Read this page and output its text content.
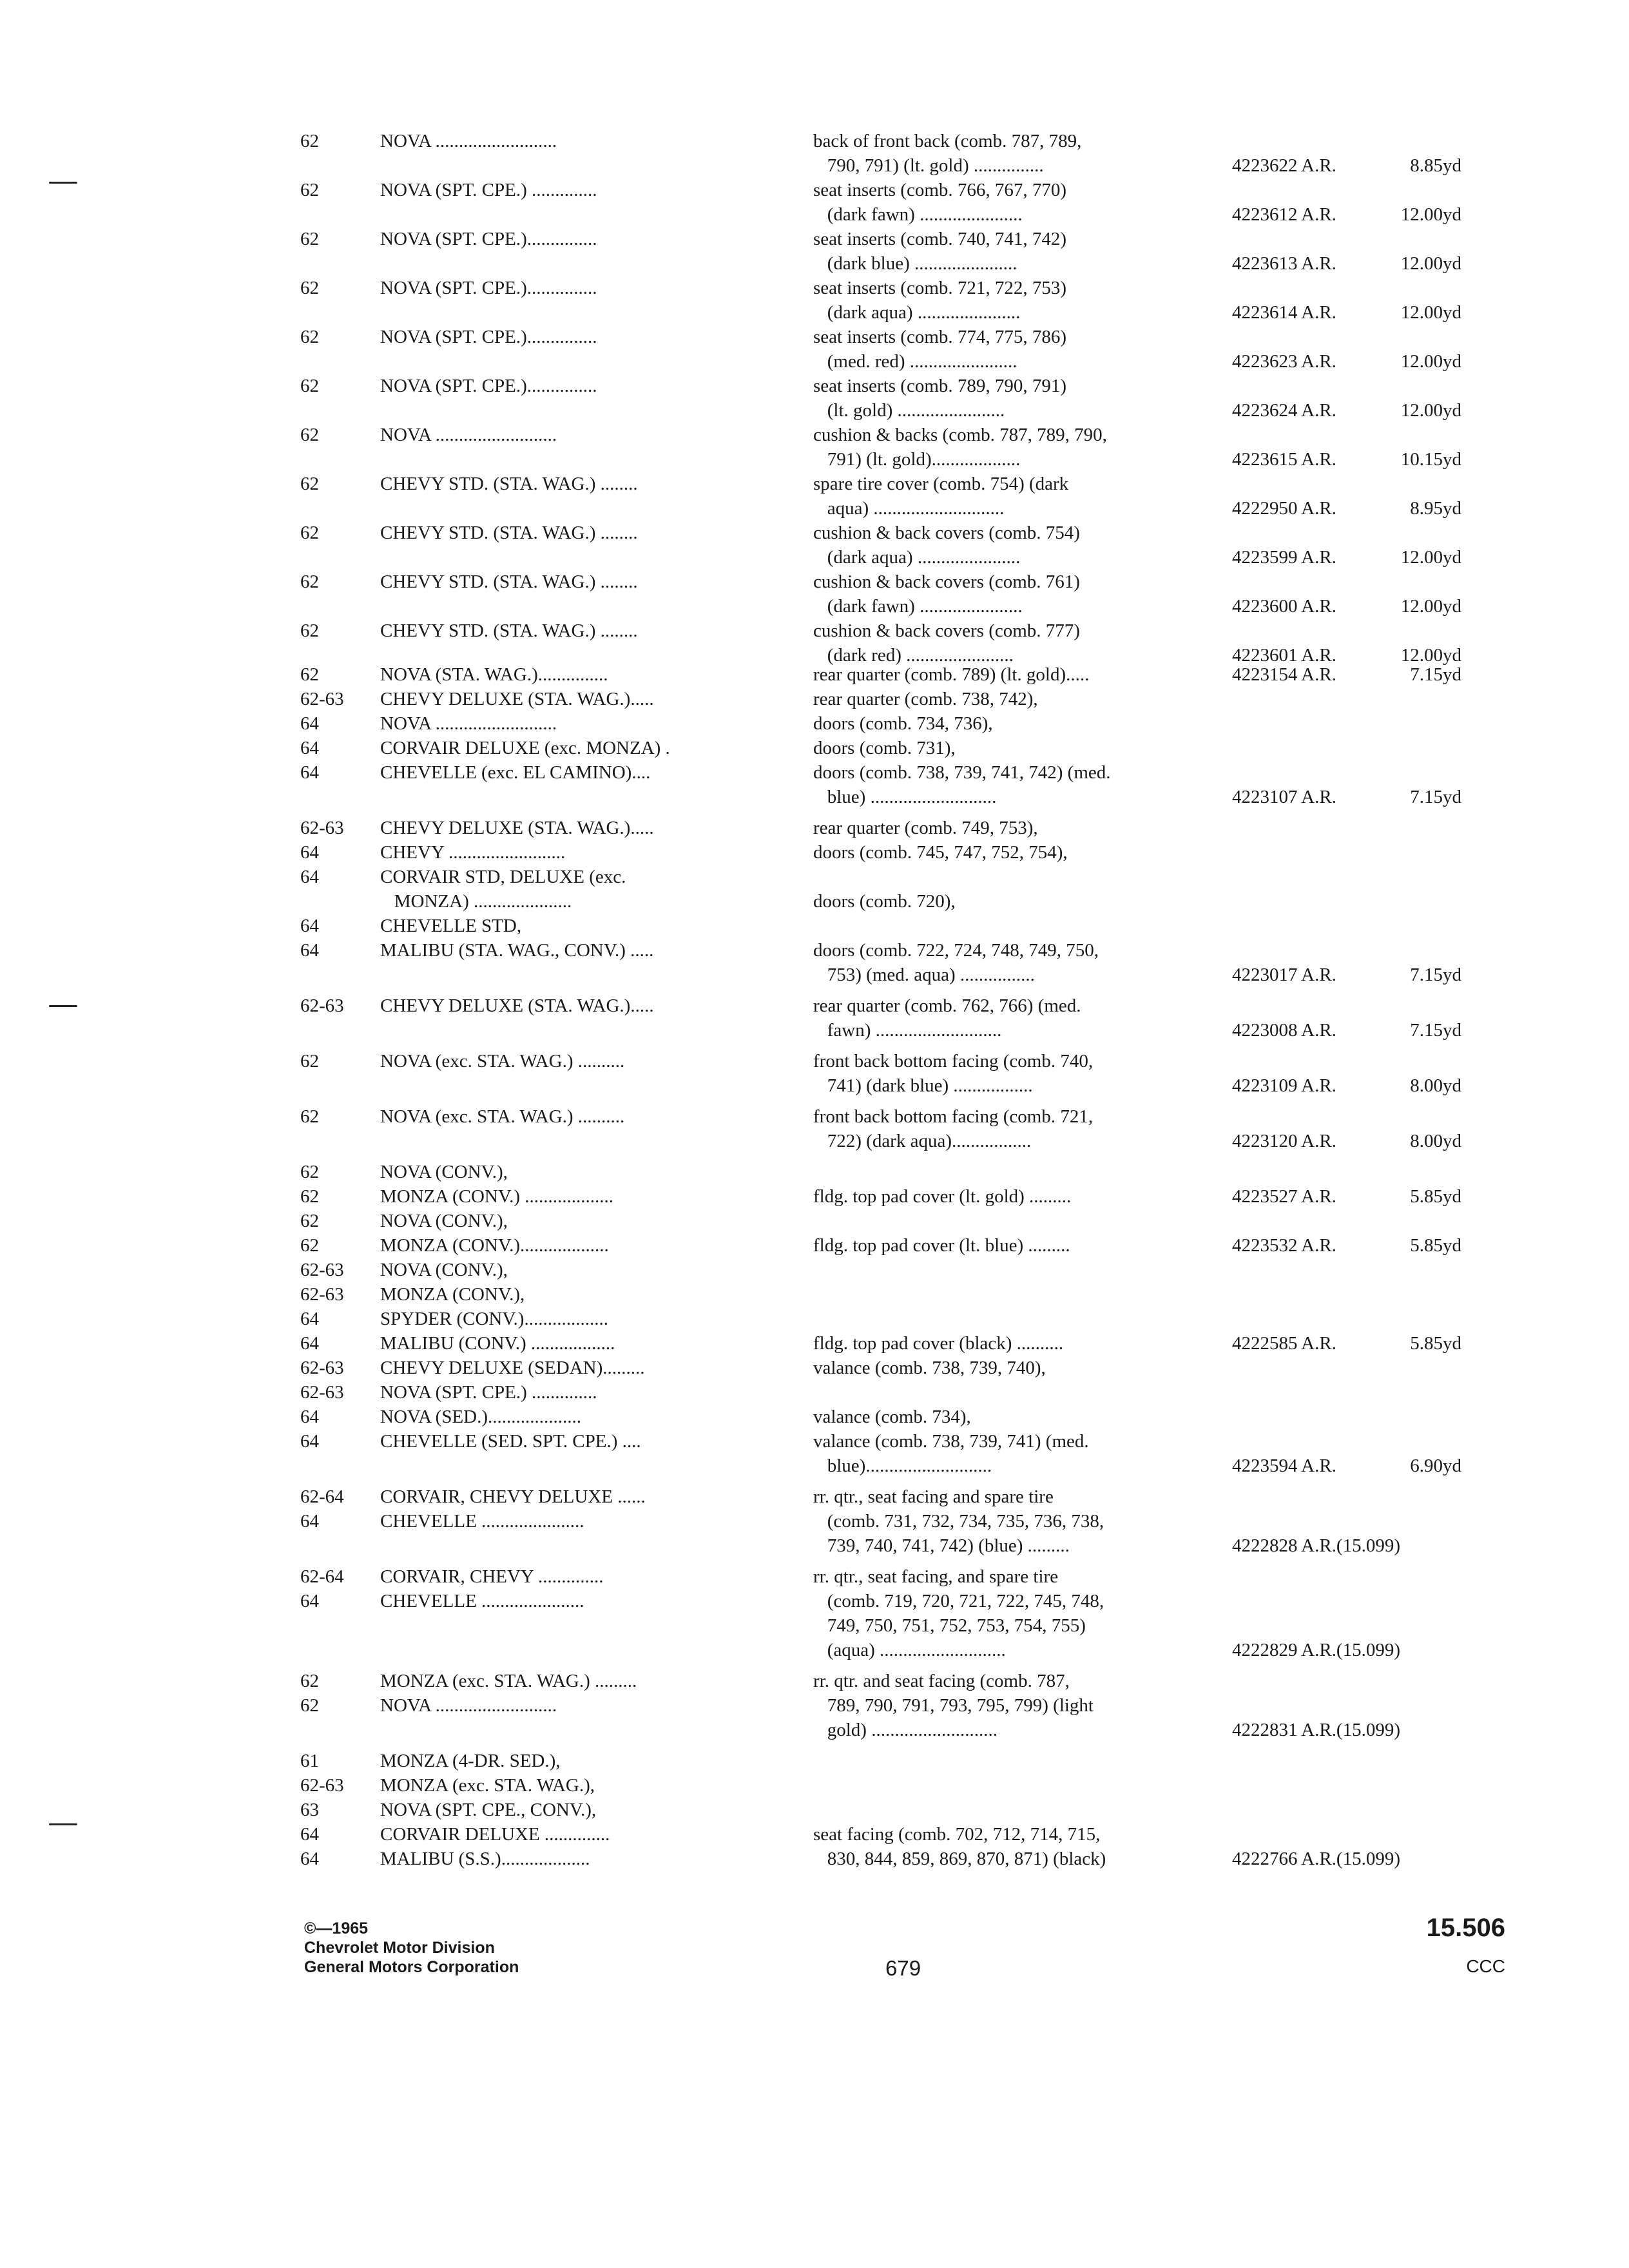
62	NOVA ..........................	back of front back (comb. 787, 789,
790, 791) (lt. gold) ...............	4223622 A.R.	8.85yd
62	NOVA (SPT. CPE.) ..............	seat inserts (comb. 766, 767, 770)
(dark fawn) ......................	4223612 A.R.	12.00yd
62	NOVA (SPT. CPE.)...............	seat inserts (comb. 740, 741, 742)
(dark blue) ......................	4223613 A.R.	12.00yd
62	NOVA (SPT. CPE.)...............	seat inserts (comb. 721, 722, 753)
(dark aqua) ......................	4223614 A.R.	12.00yd
62	NOVA (SPT. CPE.)...............	seat inserts (comb. 774, 775, 786)
(med. red) .......................	4223623 A.R.	12.00yd
62	NOVA (SPT. CPE.)...............	seat inserts (comb. 789, 790, 791)
(lt. gold) .......................	4223624 A.R.	12.00yd
62	NOVA ..........................	cushion & backs (comb. 787, 789, 790,
791) (lt. gold)...................	4223615 A.R.	10.15yd
62	CHEVY STD. (STA. WAG.) ........	spare tire cover (comb. 754) (dark
aqua) ............................	4222950 A.R.	8.95yd
62	CHEVY STD. (STA. WAG.) ........	cushion & back covers (comb. 754)
(dark aqua) ......................	4223599 A.R.	12.00yd
62	CHEVY STD. (STA. WAG.) ........	cushion & back covers (comb. 761)
(dark fawn) ......................	4223600 A.R.	12.00yd
62	CHEVY STD. (STA. WAG.) ........	cushion & back covers (comb. 777)
(dark red) .......................	4223601 A.R.	12.00yd
62	NOVA (STA. WAG.)...............	rear quarter (comb. 789) (lt. gold).....	4223154 A.R.	7.15yd
62-63	CHEVY DELUXE (STA. WAG.).....	rear quarter (comb. 738, 742),
64	NOVA ..........................	doors (comb. 734, 736),
64	CORVAIR DELUXE (exc. MONZA) .	doors (comb. 731),
64	CHEVELLE (exc. EL CAMINO)....	doors (comb. 738, 739, 741, 742) (med.
blue) ...........................	4223107 A.R.	7.15yd
62-63	CHEVY DELUXE (STA. WAG.).....	rear quarter (comb. 749, 753),
64	CHEVY .........................	doors (comb. 745, 747, 752, 754),
64	CORVAIR STD, DELUXE (exc.
MONZA) .....................	doors (comb. 720),
64	CHEVELLE STD,
64	MALIBU (STA. WAG., CONV.) .....	doors (comb. 722, 724, 748, 749, 750,
753) (med. aqua) ................	4223017 A.R.	7.15yd
62-63	CHEVY DELUXE (STA. WAG.).....	rear quarter (comb. 762, 766) (med.
fawn) ...........................	4223008 A.R.	7.15yd
62	NOVA (exc. STA. WAG.) ..........	front back bottom facing (comb. 740,
741) (dark blue) .................	4223109 A.R.	8.00yd
62	NOVA (exc. STA. WAG.) ..........	front back bottom facing (comb. 721,
722) (dark aqua).................	4223120 A.R.	8.00yd
62	NOVA (CONV.),
62	MONZA (CONV.) ...................	fldg. top pad cover (lt. gold) .........	4223527 A.R.	5.85yd
62	NOVA (CONV.),
62	MONZA (CONV.)...................	fldg. top pad cover (lt. blue) .........	4223532 A.R.	5.85yd
62-63	NOVA (CONV.),
62-63	MONZA (CONV.),
64	SPYDER (CONV.)..................
64	MALIBU (CONV.) ..................	fldg. top pad cover (black) ..........	4222585 A.R.	5.85yd
62-63	CHEVY DELUXE (SEDAN).........	valance (comb. 738, 739, 740),
62-63	NOVA (SPT. CPE.) ..............
64	NOVA (SED.)....................	valance (comb. 734),
64	CHEVELLE (SED. SPT. CPE.) ....	valance (comb. 738, 739, 741) (med.
blue)...........................	4223594 A.R.	6.90yd
62-64	CORVAIR, CHEVY DELUXE ......	rr. qtr., seat facing and spare tire
64	CHEVELLE ......................	(comb. 731, 732, 734, 735, 736, 738,
739, 740, 741, 742) (blue) .........	4222828 A.R.(15.099)
62-64	CORVAIR, CHEVY ..............	rr. qtr., seat facing, and spare tire
64	CHEVELLE ......................	(comb. 719, 720, 721, 722, 745, 748,
749, 750, 751, 752, 753, 754, 755)
(aqua) ...........................	4222829 A.R.(15.099)
62	MONZA (exc. STA. WAG.) .........	rr. qtr. and seat facing (comb. 787,
62	NOVA ..........................	789, 790, 791, 793, 795, 799) (light
gold) ...........................	4222831 A.R.(15.099)
61	MONZA (4-DR. SED.),
62-63	MONZA (exc. STA. WAG.),
63	NOVA (SPT. CPE., CONV.),
64	CORVAIR DELUXE ..............	seat facing (comb. 702, 712, 714, 715,
64	MALIBU (S.S.)...................	830, 844, 859, 869, 870, 871) (black)	4222766 A.R.(15.099)
©—1965
Chevrolet Motor Division
General Motors Corporation	679
15.506
CCC
